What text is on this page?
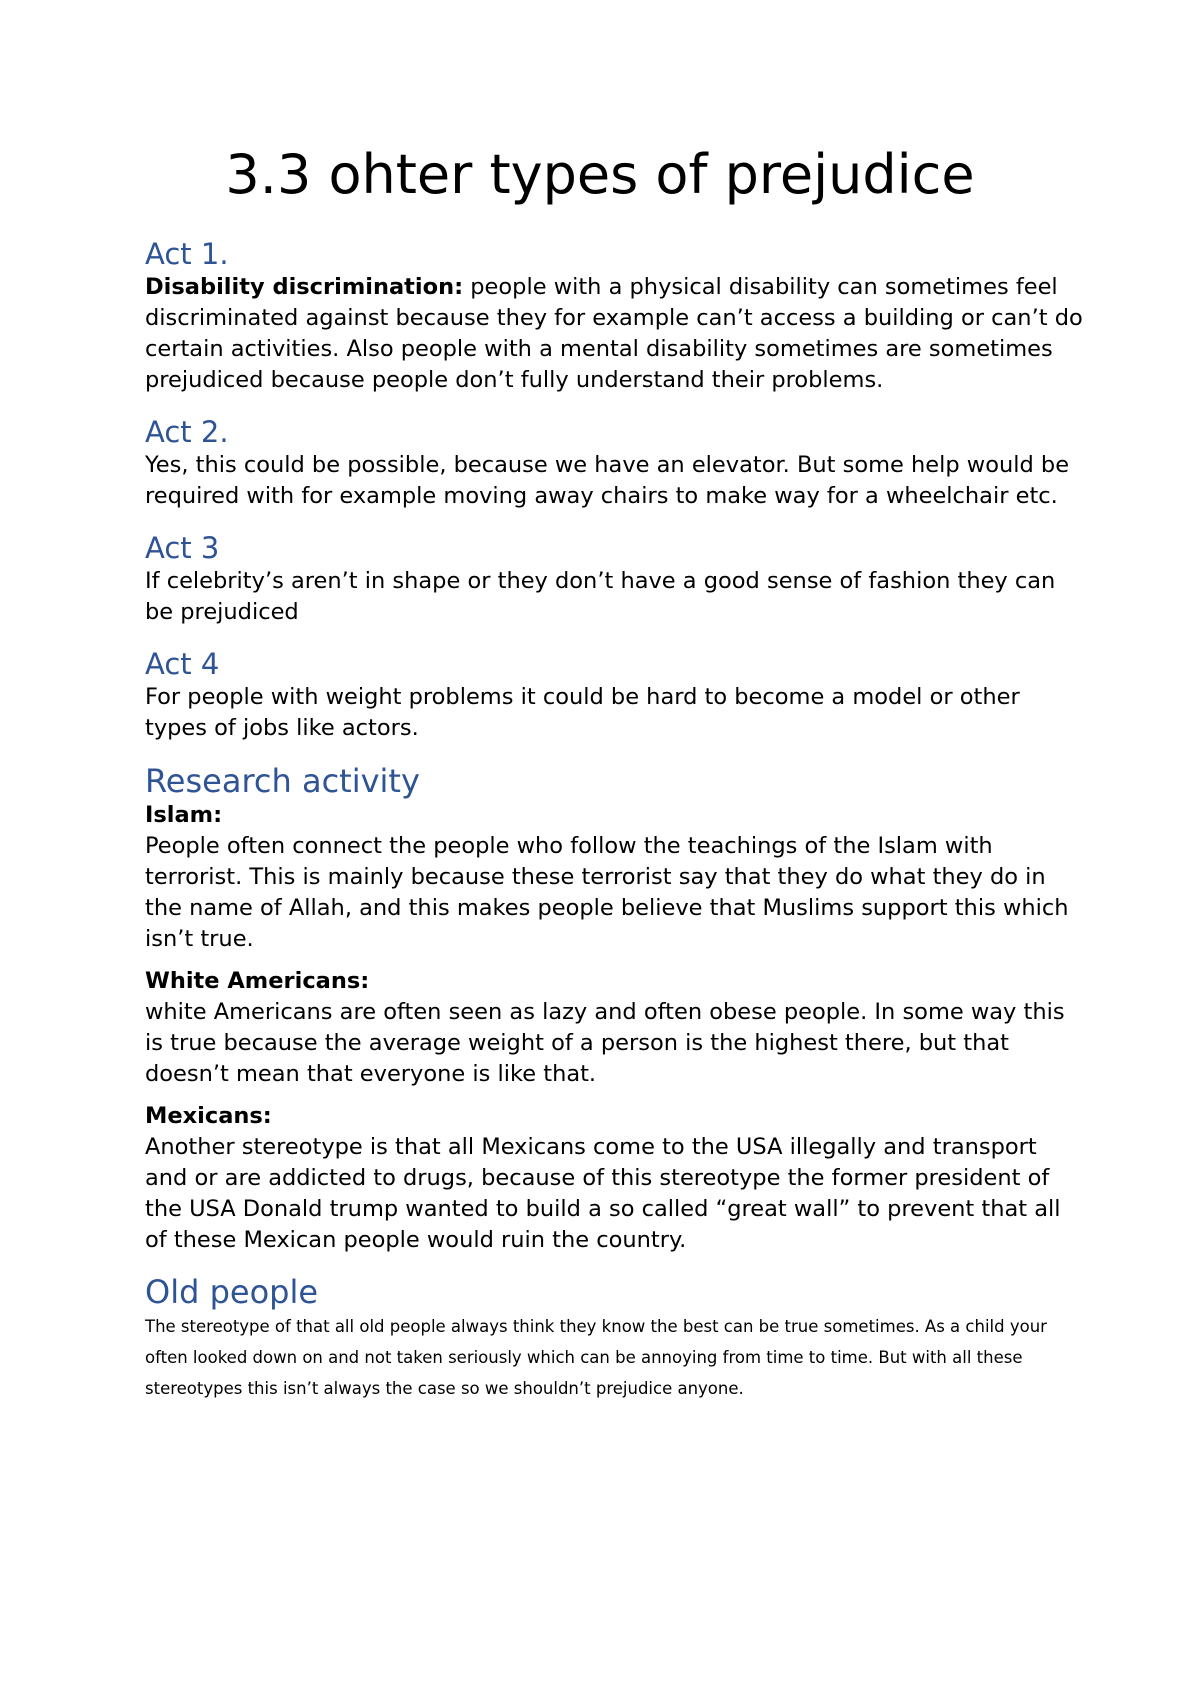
3.3 ohter types of prejudice
Act 1.

Disability discrimination: people with a physical disability can sometimes feel discriminated against because they for example can’t access a building or can’t do certain activities. Also people with a mental disability sometimes are sometimes prejudiced because people don’t fully understand their problems.

Act 2.

Yes, this could be possible, because we have an elevator. But some help would be required with for example moving away chairs to make way for a wheelchair etc.

Act 3

If celebrity’s aren’t in shape or they don’t have a good sense of fashion they can be prejudiced

Act 4

For people with weight problems it could be hard to become a model or other types of jobs like actors.

Research activity
Islam:

People often connect the people who follow the teachings of the Islam with terrorist. This is mainly because these terrorist say that they do what they do in the name of Allah, and this makes people believe that Muslims support this which isn’t true.

White Americans:

white Americans are often seen as lazy and often obese people. In some way this is true because the average weight of a person is the highest there, but that doesn’t mean that everyone is like that.

Mexicans:

Another stereotype is that all Mexicans come to the USA illegally and transport and or are addicted to drugs, because of this stereotype the former president of the USA Donald trump wanted to build a so called “great wall” to prevent that all of these Mexican people would ruin the country.

Old people

The stereotype of that all old people always think they know the best can be true sometimes. As a child your often looked down on and not taken seriously which can be annoying from time to time. But with all these stereotypes this isn’t always the case so we shouldn’t prejudice anyone.
